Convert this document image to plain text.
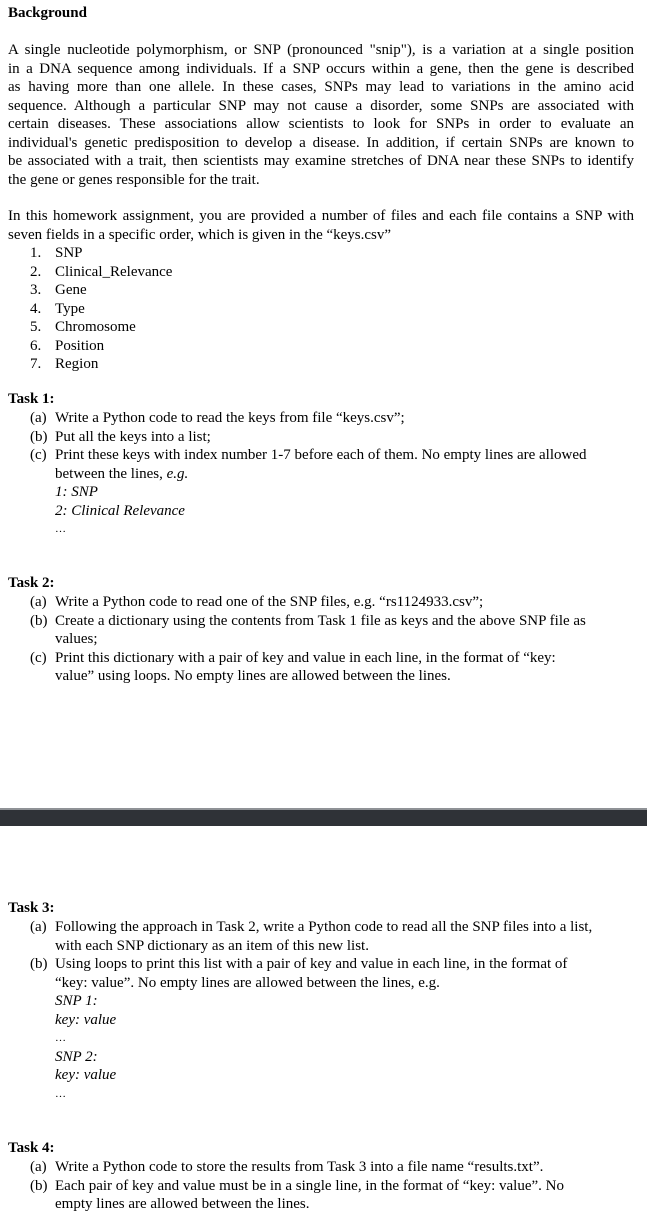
Background

A single nucleotide polymorphism, or SNP (pronounced "snip"), is a variation at a single position
in a DNA sequence among individuals. If a SNP occurs within a gene, then the gene is described
as having more than one allele. In these cases, SNPs may lead to variations in the amino acid
sequence. Although a particular SNP may not cause a disorder, some SNPs are associated with
certain diseases. These associations allow scientists to look for SNPs in order to evaluate an
individual's genetic predisposition to develop a disease. In addition, if certain SNPs are known to
be associated with a trait, then scientists may examine stretches of DNA near these SNPs to identify
the gene or genes responsible for the trait.

In this homework assignment, you are provided a number of files and each file contains a SNP with
seven fields in a specific order, which is given in the “keys.csv”

1. SNP
2. Clinical_Relevance
3. Gene
4. Type
5. Chromosome
6. Position
7. Region

Task 1:

(a) Write a Python code to read the keys from file “keys.csv”;
(b) Put all the keys into a list;
(c) Print these keys with index number 1-7 before each of them. No empty lines are allowed
between the lines, e.g.
1: SNP
2: Clinical Relevance
…

Task 2:

(a) Write a Python code to read one of the SNP files, e.g. “rs1124933.csv”;
(b) Create a dictionary using the contents from Task 1 file as keys and the above SNP file as
values;
(c) Print this dictionary with a pair of key and value in each line, in the format of “key:
value” using loops. No empty lines are allowed between the lines.

Task 3:

(a) Following the approach in Task 2, write a Python code to read all the SNP files into a list,
with each SNP dictionary as an item of this new list.
(b) Using loops to print this list with a pair of key and value in each line, in the format of
“key: value”. No empty lines are allowed between the lines, e.g.
SNP 1:
key: value
…
SNP 2:
key: value
…

Task 4:

(a) Write a Python code to store the results from Task 3 into a file name “results.txt”.
(b) Each pair of key and value must be in a single line, in the format of “key: value”. No
empty lines are allowed between the lines.
